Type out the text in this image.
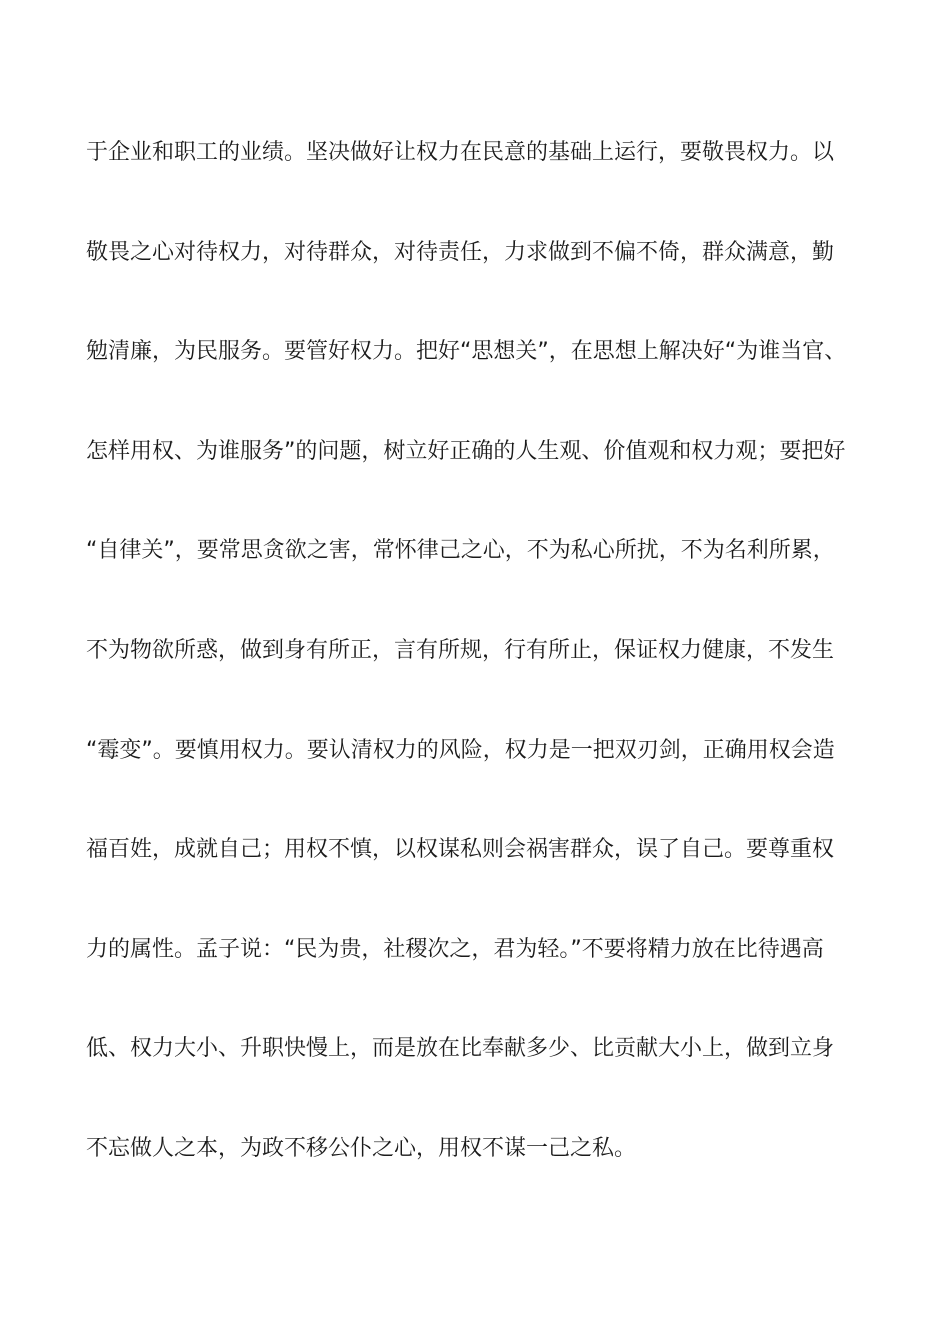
于企业和职工的业绩。坚决做好让权力在民意的基础上运行，要敬畏权力。以
敬畏之心对待权力，对待群众，对待责任，力求做到不偏不倚，群众满意，勤
勉清廉，为民服务。要管好权力。把好“思想关”，在思想上解决好“为谁当官、
怎样用权、为谁服务”的问题，树立好正确的人生观、价值观和权力观；要把好
“自律关”，要常思贪欲之害，常怀律己之心，不为私心所扰，不为名利所累，
不为物欲所惑，做到身有所正，言有所规，行有所止，保证权力健康，不发生
“霉变”。要慎用权力。要认清权力的风险，权力是一把双刃剑，正确用权会造
福百姓，成就自己；用权不慎，以权谋私则会祸害群众，误了自己。要尊重权
力的属性。孟子说：“民为贵，社稷次之，君为轻。”不要将精力放在比待遇高
低、权力大小、升职快慢上，而是放在比奉献多少、比贡献大小上，做到立身
不忘做人之本，为政不移公仆之心，用权不谋一己之私。
